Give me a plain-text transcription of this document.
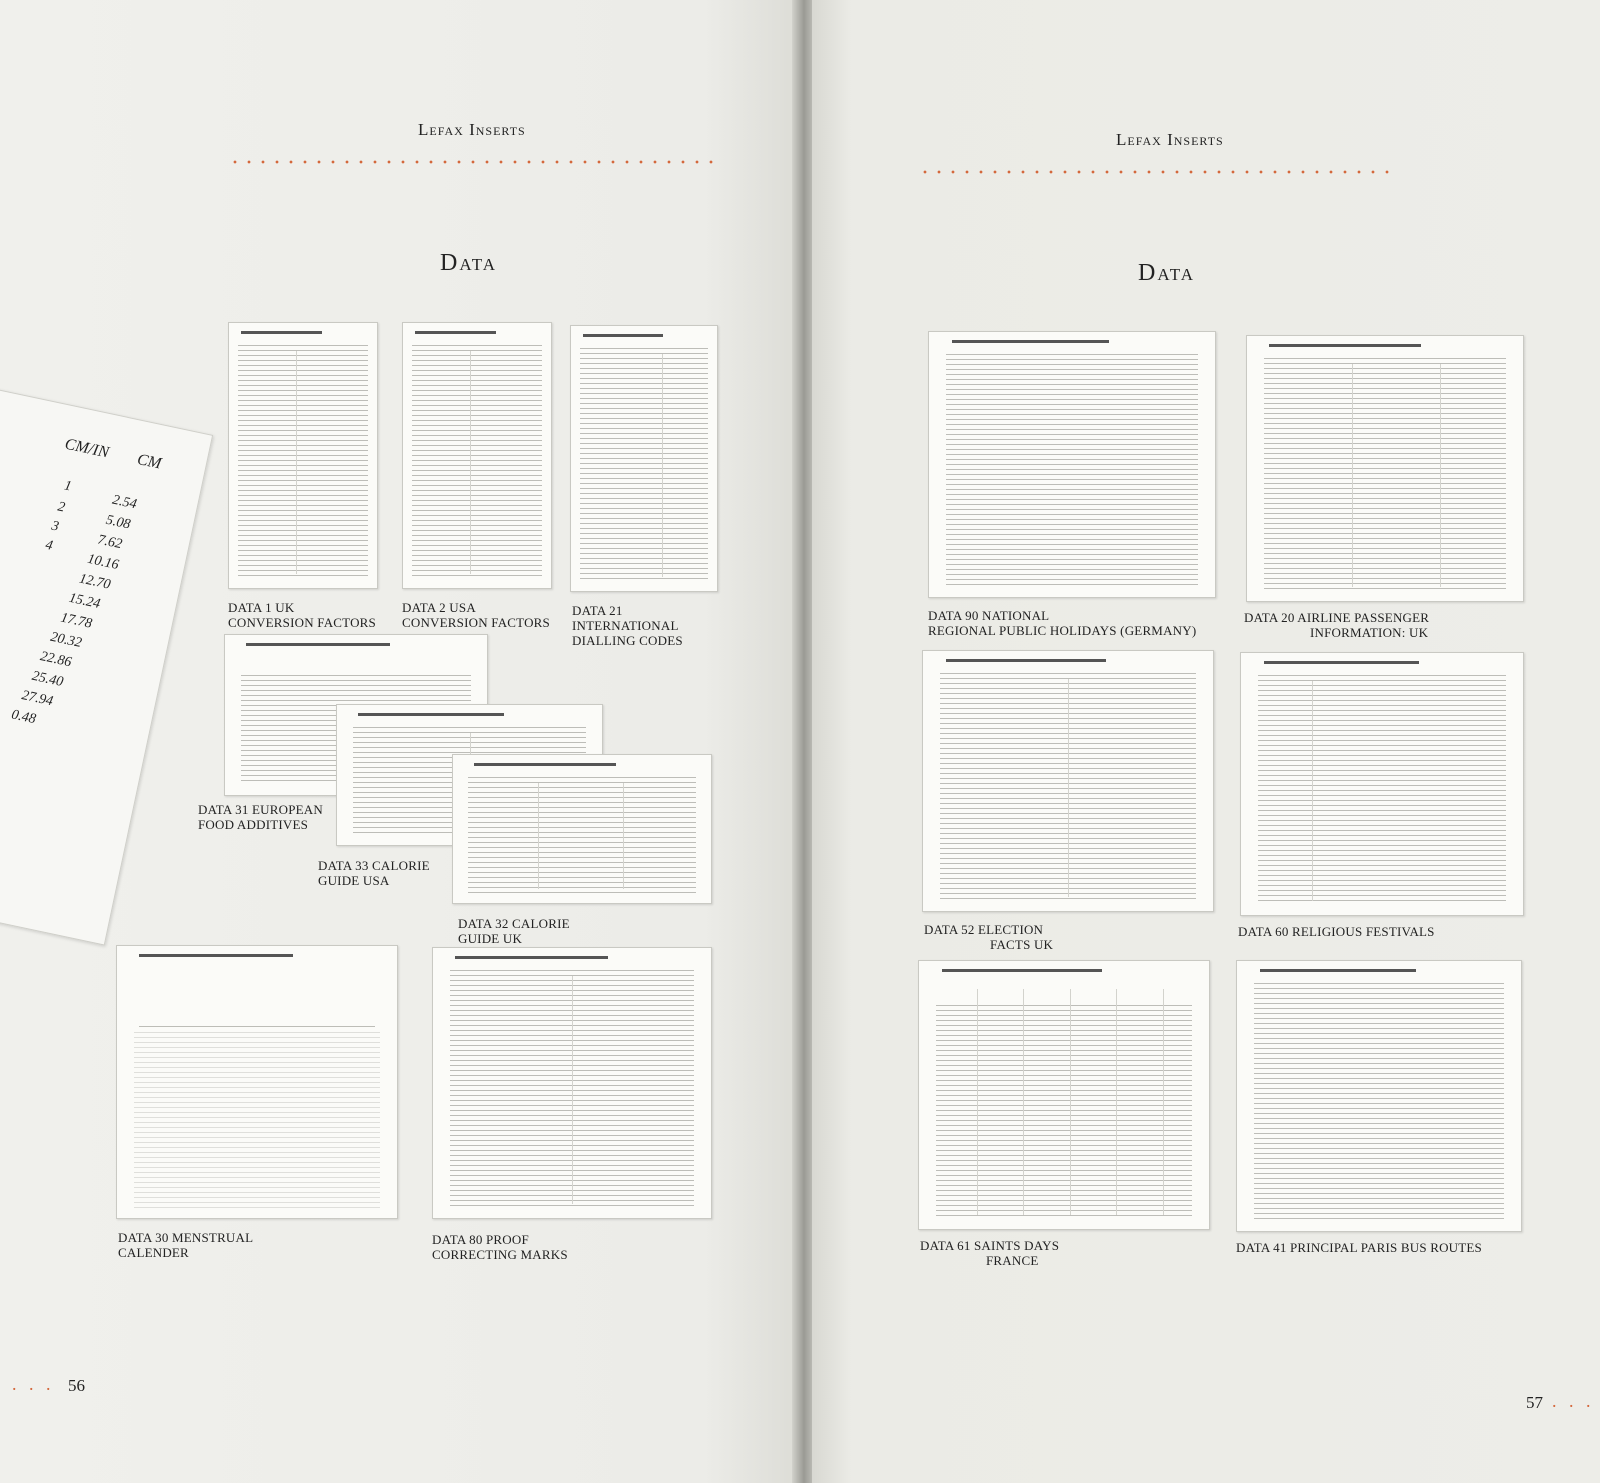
CM/IN
CM
1
2
3
4
2.54
5.08
7.62
10.16
12.70
15.24
17.78
20.32
22.86
25.40
27.94
0.48
Lefax Inserts
Data
DATA 1 UK
CONVERSION FACTORS
DATA 2 USA
CONVERSION FACTORS
DATA 21
INTERNATIONAL
DIALLING CODES
DATA 31 EUROPEAN
FOOD ADDITIVES
DATA 33 CALORIE
GUIDE USA
DATA 32 CALORIE
GUIDE UK
DATA 30 MENSTRUAL
CALENDER
DATA 80 PROOF
CORRECTING MARKS
. . . 56
Lefax Inserts
Data
DATA 90 NATIONAL
REGIONAL PUBLIC HOLIDAYS (GERMANY)
DATA 20 AIRLINE PASSENGER
INFORMATION: UK
DATA 52 ELECTION
FACTS UK
DATA 60 RELIGIOUS FESTIVALS
DATA 61 SAINTS DAYS
FRANCE
DATA 41 PRINCIPAL PARIS BUS ROUTES
57 . . .
